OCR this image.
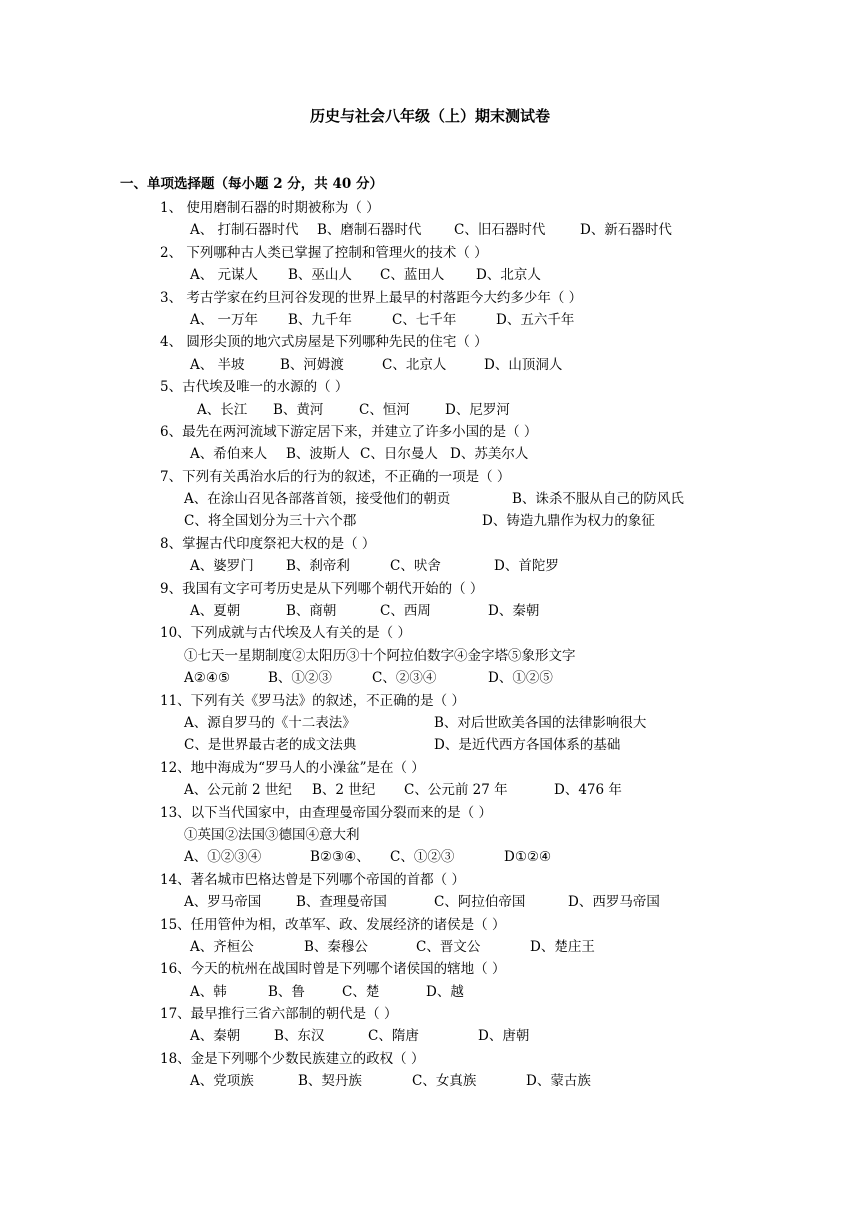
历史与社会八年级（上）期末测试卷
一、单项选择题（每小题 2 分，共 40 分）
1、 使用磨制石器的时期被称为（ ）
A、 打制石器时代 B、磨制石器时代 C、旧石器时代	D、新石器时代
2、 下列哪种古人类已掌握了控制和管理火的技术（ ）
A、 元谋人 B、巫山人 C、蓝田人 D、北京人
3、 考古学家在约旦河谷发现的世界上最早的村落距今大约多少年（ ）
A、 一万年 B、九千年	C、七千年	D、五六千年
4、 圆形尖顶的地穴式房屋是下列哪种先民的住宅（ ）
A、 半坡	B、河姆渡	C、北京人	D、山顶洞人
5、古代埃及唯一的水源的（ ）
A、长江 B、黄河	C、恒河	D、尼罗河
6、最先在两河流域下游定居下来，并建立了许多小国的是（ ）
A、希伯来人 B、波斯人 C、日尔曼人 D、苏美尔人
7、下列有关禹治水后的行为的叙述，不正确的一项是（ ）
A、在涂山召见各部落首领，接受他们的朝贡	B、诛杀不服从自己的防风氏
C、将全国划分为三十六个郡	D、铸造九鼎作为权力的象征
8、掌握古代印度祭祀大权的是（ ）
A、婆罗门 B、刹帝利	C、吠舍	D、首陀罗
9、我国有文字可考历史是从下列哪个朝代开始的（ ）
A、夏朝	B、商朝	C、西周	D、秦朝
10、下列成就与古代埃及人有关的是（ ）
①七天一星期制度②太阳历③十个阿拉伯数字④金字塔⑤象形文字
A②④⑤	B、①②③	C、②③④	D、①②⑤
11、下列有关《罗马法》的叙述，不正确的是（ ）
A、源自罗马的《十二表法》	B、对后世欧美各国的法律影响很大
C、是世界最古老的成文法典	D、是近代西方各国体系的基础
12、地中海成为“罗马人的小澡盆”是在（ ）
A、公元前 2 世纪 B、2 世纪 C、公元前 27 年	D、476 年
13、以下当代国家中，由查理曼帝国分裂而来的是（ ）
①英国②法国③德国④意大利
A、①②③④	B②③④、 C、①②③	D①②④
14、著名城市巴格达曾是下列哪个帝国的首都（ ）
A、罗马帝国	B、查理曼帝国	C、阿拉伯帝国	D、西罗马帝国
15、任用管仲为相，改革军、政、发展经济的诸侯是（ ）
A、齐桓公	B、秦穆公	C、晋文公	D、楚庄王
16、今天的杭州在战国时曾是下列哪个诸侯国的辖地（ ）
A、韩	B、鲁	C、楚	D、越
17、最早推行三省六部制的朝代是（ ）
A、秦朝	B、东汉	C、隋唐	D、唐朝
18、金是下列哪个少数民族建立的政权（ ）
A、党项族	B、契丹族	C、女真族	D、蒙古族
